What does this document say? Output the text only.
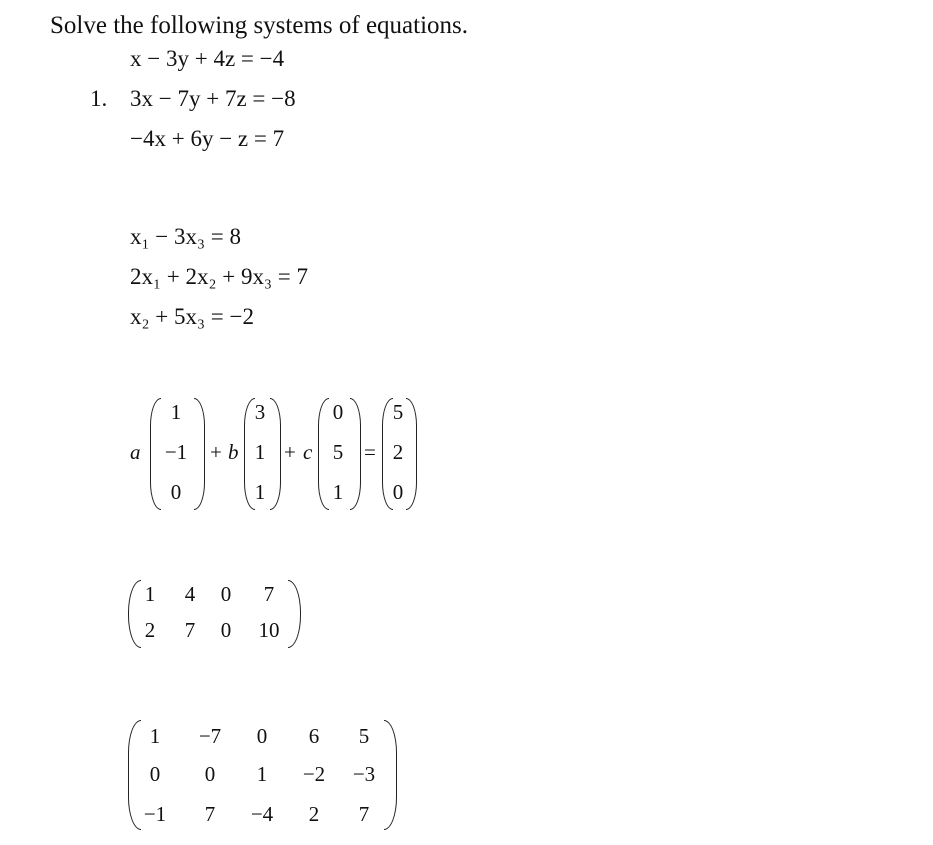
Solve the following systems of equations.
1.
x − 3y + 4z = −4
3x − 7y + 7z = −8
−4x + 6y − z = 7
x₁ − 3x₃ = 8
2x₁ + 2x₂ + 9x₃ = 7
x₂ + 5x₃ = −2
a
1
−1
0
+ b
3
1
1
+ c
0
5
1
=
5
2
0
1	4	0	7
2	7	0	10
1	−7	0	6	5
0	0	1	−2	−3
−1	7	−4	2	7
